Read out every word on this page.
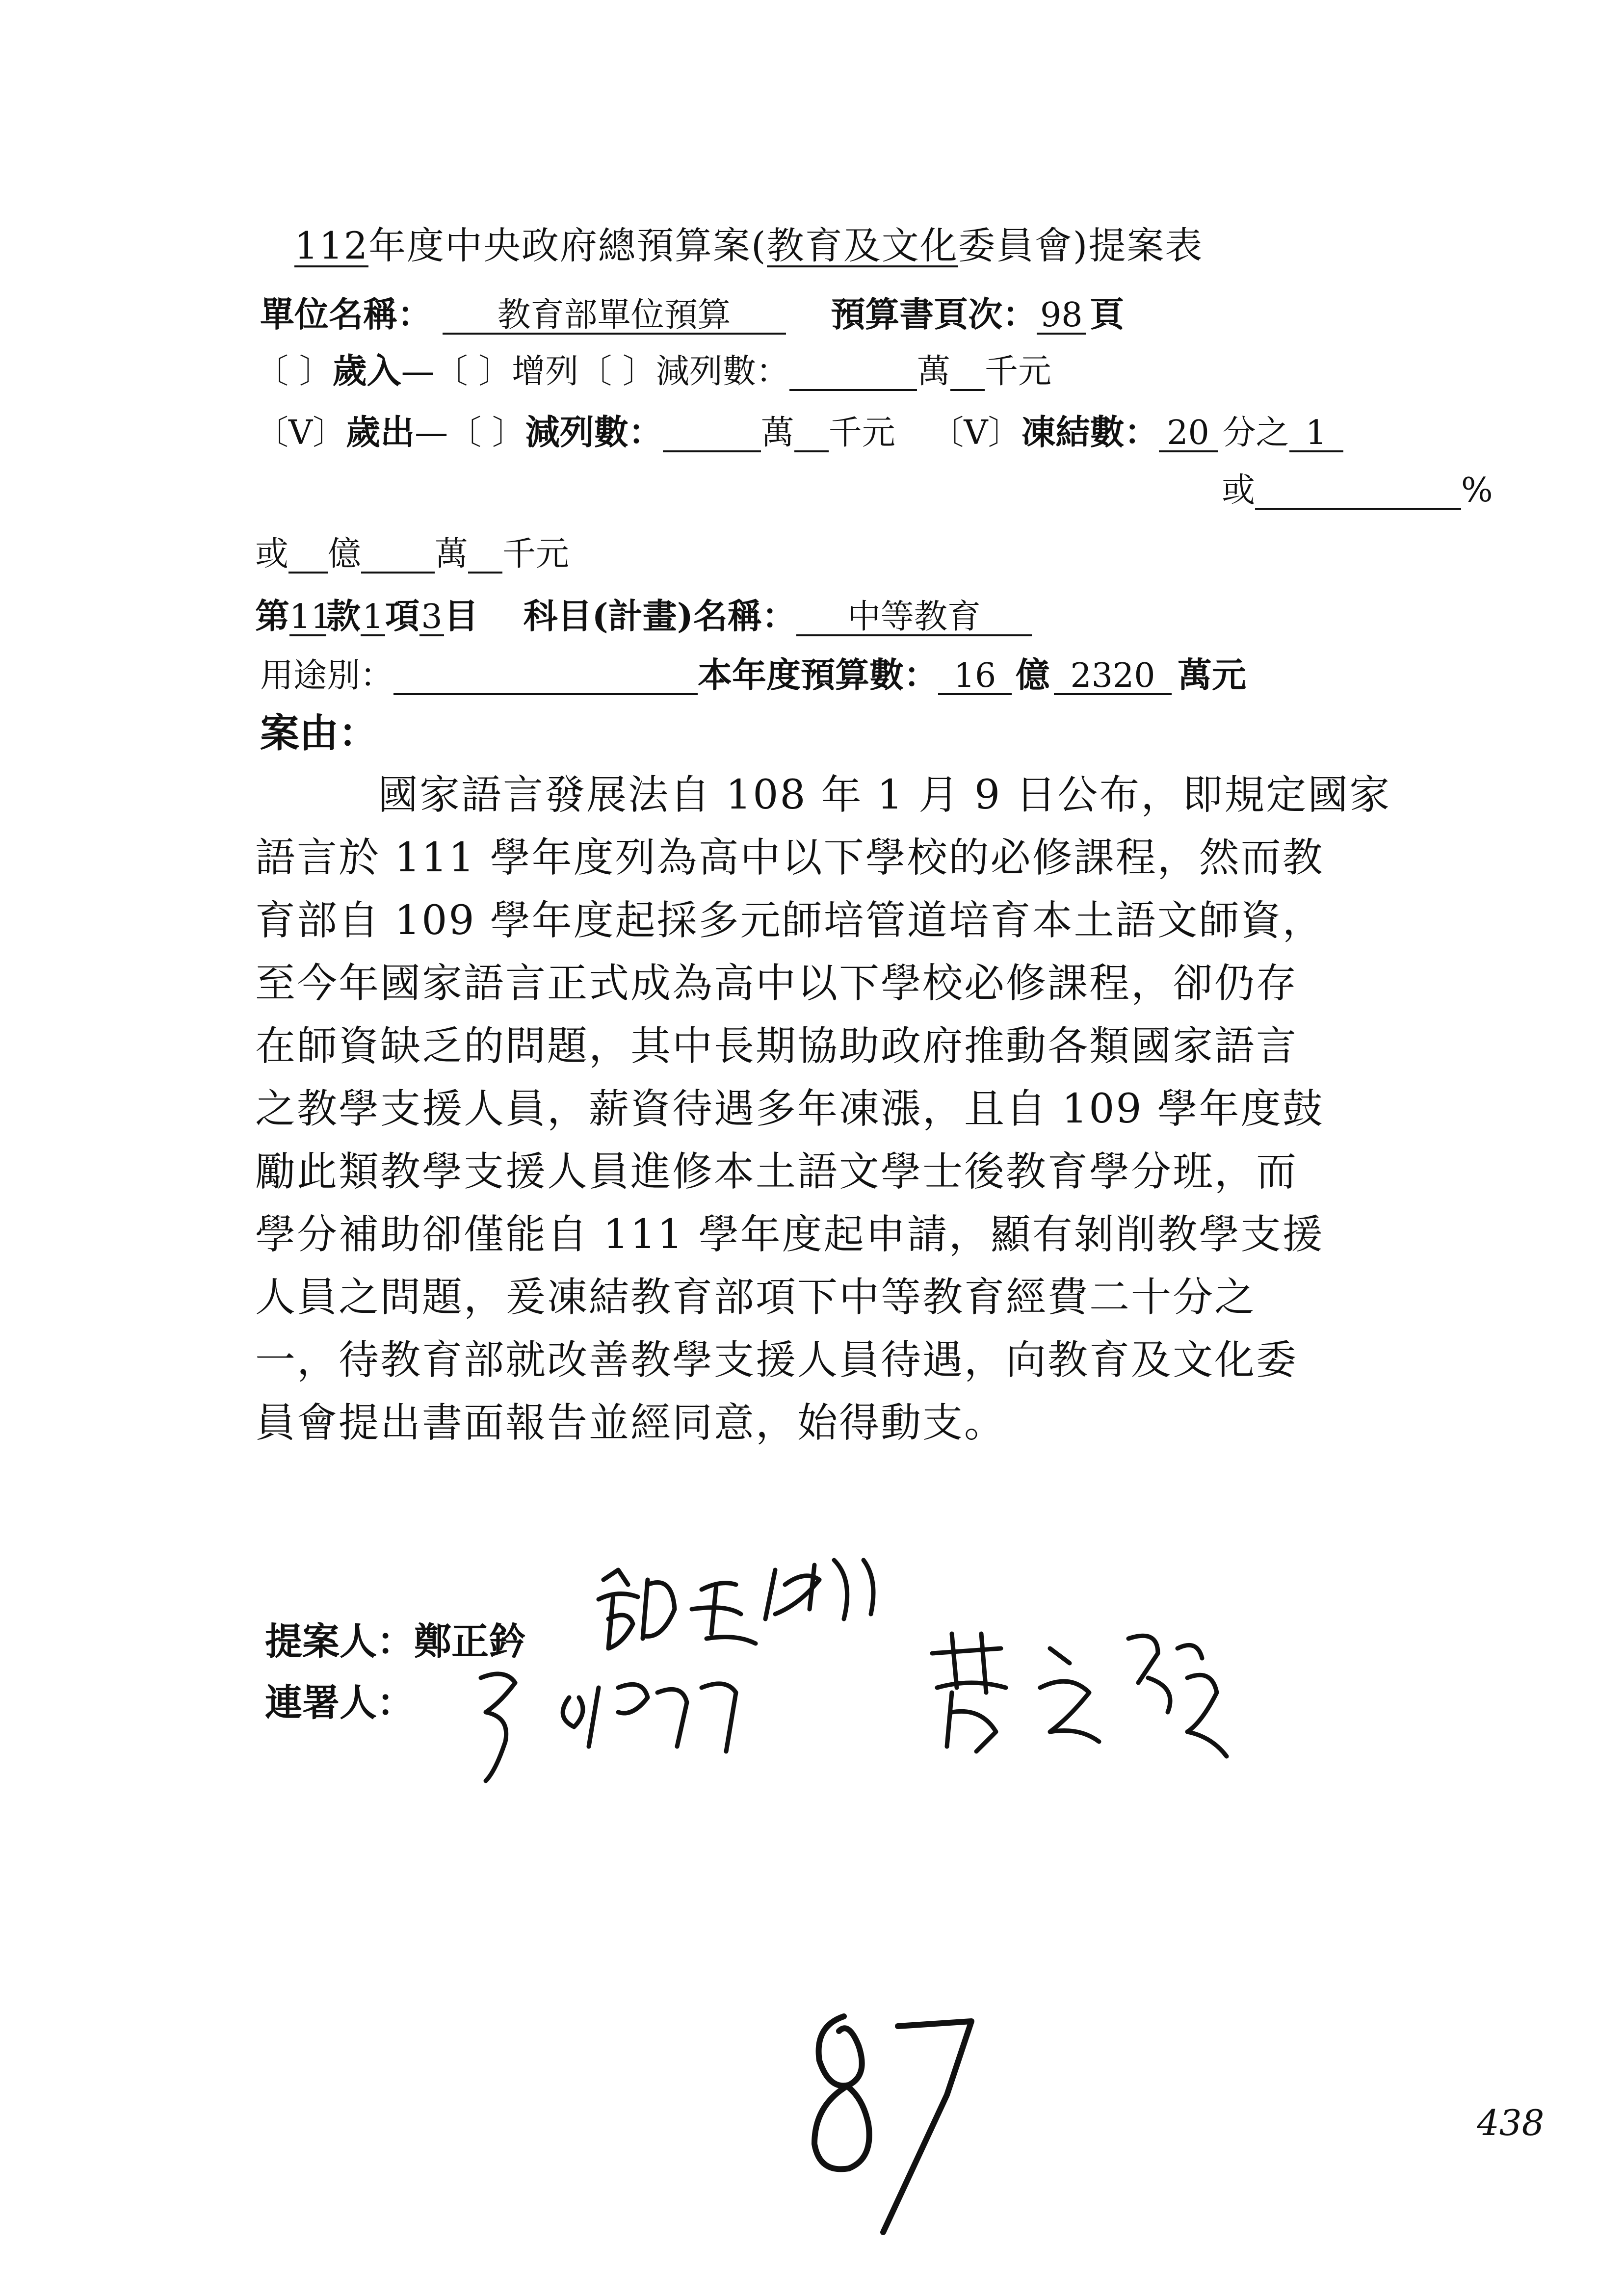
112年度中央政府總預算案(教育及文化委員會)提案表
單位名稱： 教育部單位預算	預算書頁次：98 頁
〔 〕歲入—〔 〕增列〔 〕減列數：	萬 千元
〔V〕歲出—〔 〕減列數：	萬 千元 〔V〕凍結數： 20 分之 1
或	%
或 億 萬 千元
第11款1項3目 科目(計畫)名稱： 中等教育
用途別：	本年度預算數： 16 億 2320 萬元
案由：
國家語言發展法自 108 年 1 月 9 日公布，即規定國家
語言於 111 學年度列為高中以下學校的必修課程，然而教
育部自 109 學年度起採多元師培管道培育本土語文師資，
至今年國家語言正式成為高中以下學校必修課程，卻仍存
在師資缺乏的問題，其中長期協助政府推動各類國家語言
之教學支援人員，薪資待遇多年凍漲，且自 109 學年度鼓
勵此類教學支援人員進修本土語文學士後教育學分班，而
學分補助卻僅能自 111 學年度起申請，顯有剝削教學支援
人員之問題，爰凍結教育部項下中等教育經費二十分之
一，待教育部就改善教學支援人員待遇，向教育及文化委
員會提出書面報告並經同意，始得動支。
提案人：鄭正鈐
連署人：
87
438
